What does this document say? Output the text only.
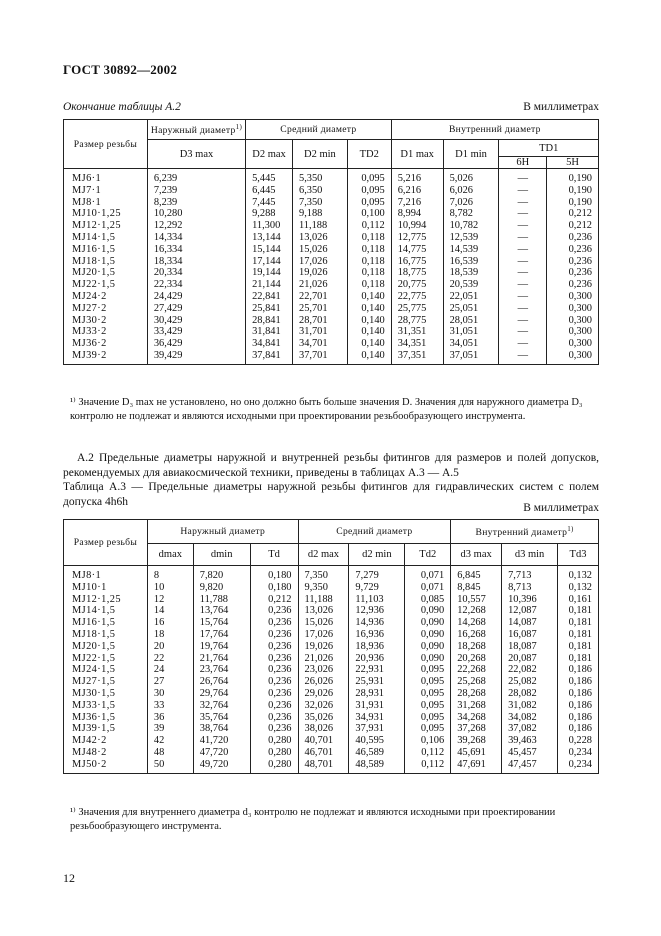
ГОСТ 30892—2002
Окончание таблицы А.2	В миллиметрах
Размер резьбы	Наружный диаметр$^{1)}$	Средний диаметр			Внутренний диаметр			
	D3 max	D2 max	D2 min	TD2	D1 max	D1 min	TD1	
							6H	5H
MJ6·1	6,239	5,445	5,350	0,095	5,216	5,026	—	0,190
MJ7·1	7,239	6,445	6,350	0,095	6,216	6,026	—	0,190
MJ8·1	8,239	7,445	7,350	0,095	7,216	7,026	—	0,190
MJ10·1,25	10,280	9,288	9,188	0,100	8,994	8,782	—	0,212
MJ12·1,25	12,292	11,300	11,188	0,112	10,994	10,782	—	0,212
MJ14·1,5	14,334	13,144	13,026	0,118	12,775	12,539	—	0,236
MJ16·1,5	16,334	15,144	15,026	0,118	14,775	14,539	—	0,236
MJ18·1,5	18,334	17,144	17,026	0,118	16,775	16,539	—	0,236
MJ20·1,5	20,334	19,144	19,026	0,118	18,775	18,539	—	0,236
MJ22·1,5	22,334	21,144	21,026	0,118	20,775	20,539	—	0,236
MJ24·2	24,429	22,841	22,701	0,140	22,775	22,051	—	0,300
MJ27·2	27,429	25,841	25,701	0,140	25,775	25,051	—	0,300
MJ30·2	30,429	28,841	28,701	0,140	28,775	28,051	—	0,300
MJ33·2	33,429	31,841	31,701	0,140	31,351	31,051	—	0,300
MJ36·2	36,429	34,841	34,701	0,140	34,351	34,051	—	0,300
MJ39·2	39,429	37,841	37,701	0,140	37,351	37,051	—	0,300
¹⁾ Значение D₃ max не установлено, но оно должно быть больше значения D. Значения для наружного диаметра D₃ контролю не подлежат и являются исходными при проектировании резьбообразующего инструмента.
А.2 Предельные диаметры наружной и внутренней резьбы фитингов для размеров и полей допусков, рекомендуемых для авиакосмической техники, приведены в таблицах А.3 — А.5
Таблица А.3 — Предельные диаметры наружной резьбы фитингов для гидравлических систем с полем допуска 4h6h
В миллиметрах
Размер резьбы	Наружный диаметр			Средний диаметр			Внутренний диаметр$^{1)}$
	dmax	dmin	Td	d2 max	d2 min	Td2	d3 max	d3 min	Td3
MJ8·1	8	7,820	0,180	7,350	7,279	0,071	6,845	7,713	0,132
MJ10·1	10	9,820	0,180	9,350	9,729	0,071	8,845	8,713	0,132
MJ12·1,25	12	11,788	0,212	11,188	11,103	0,085	10,557	10,396	0,161
MJ14·1,5	14	13,764	0,236	13,026	12,936	0,090	12,268	12,087	0,181
MJ16·1,5	16	15,764	0,236	15,026	14,936	0,090	14,268	14,087	0,181
MJ18·1,5	18	17,764	0,236	17,026	16,936	0,090	16,268	16,087	0,181
MJ20·1,5	20	19,764	0,236	19,026	18,936	0,090	18,268	18,087	0,181
MJ22·1,5	22	21,764	0,236	21,026	20,936	0,090	20,268	20,087	0,181
MJ24·1,5	24	23,764	0,236	23,026	22,931	0,095	22,268	22,082	0,186
MJ27·1,5	27	26,764	0,236	26,026	25,931	0,095	25,268	25,082	0,186
MJ30·1,5	30	29,764	0,236	29,026	28,931	0,095	28,268	28,082	0,186
MJ33·1,5	33	32,764	0,236	32,026	31,931	0,095	31,268	31,082	0,186
MJ36·1,5	36	35,764	0,236	35,026	34,931	0,095	34,268	34,082	0,186
MJ39·1,5	39	38,764	0,236	38,026	37,931	0,095	37,268	37,082	0,186
MJ42·2	42	41,720	0,280	40,701	40,595	0,106	39,268	39,463	0,228
MJ48·2	48	47,720	0,280	46,701	46,589	0,112	45,691	45,457	0,234
MJ50·2	50	49,720	0,280	48,701	48,589	0,112	47,691	47,457	0,234
¹⁾ Значения для внутреннего диаметра d₃ контролю не подлежат и являются исходными при проектировании резьбообразующего инструмента.
12
